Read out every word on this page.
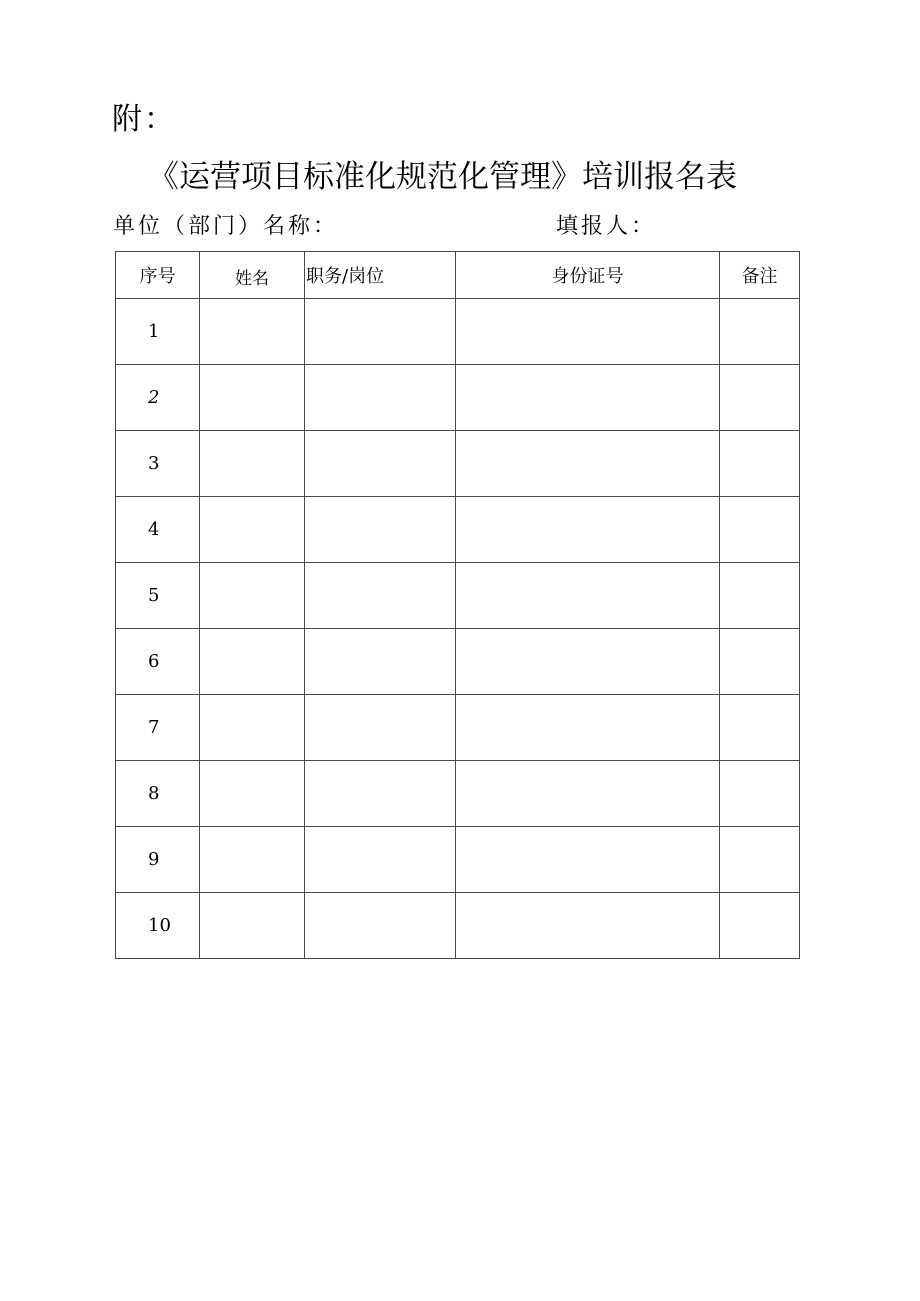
附：
《运营项目标准化规范化管理》培训报名表
单位（部门）名称：	填报人：
序号	姓名	职务/岗位	身份证号	备注
1				
2				
3				
4				
5				
6				
7				
8				
9				
10				
